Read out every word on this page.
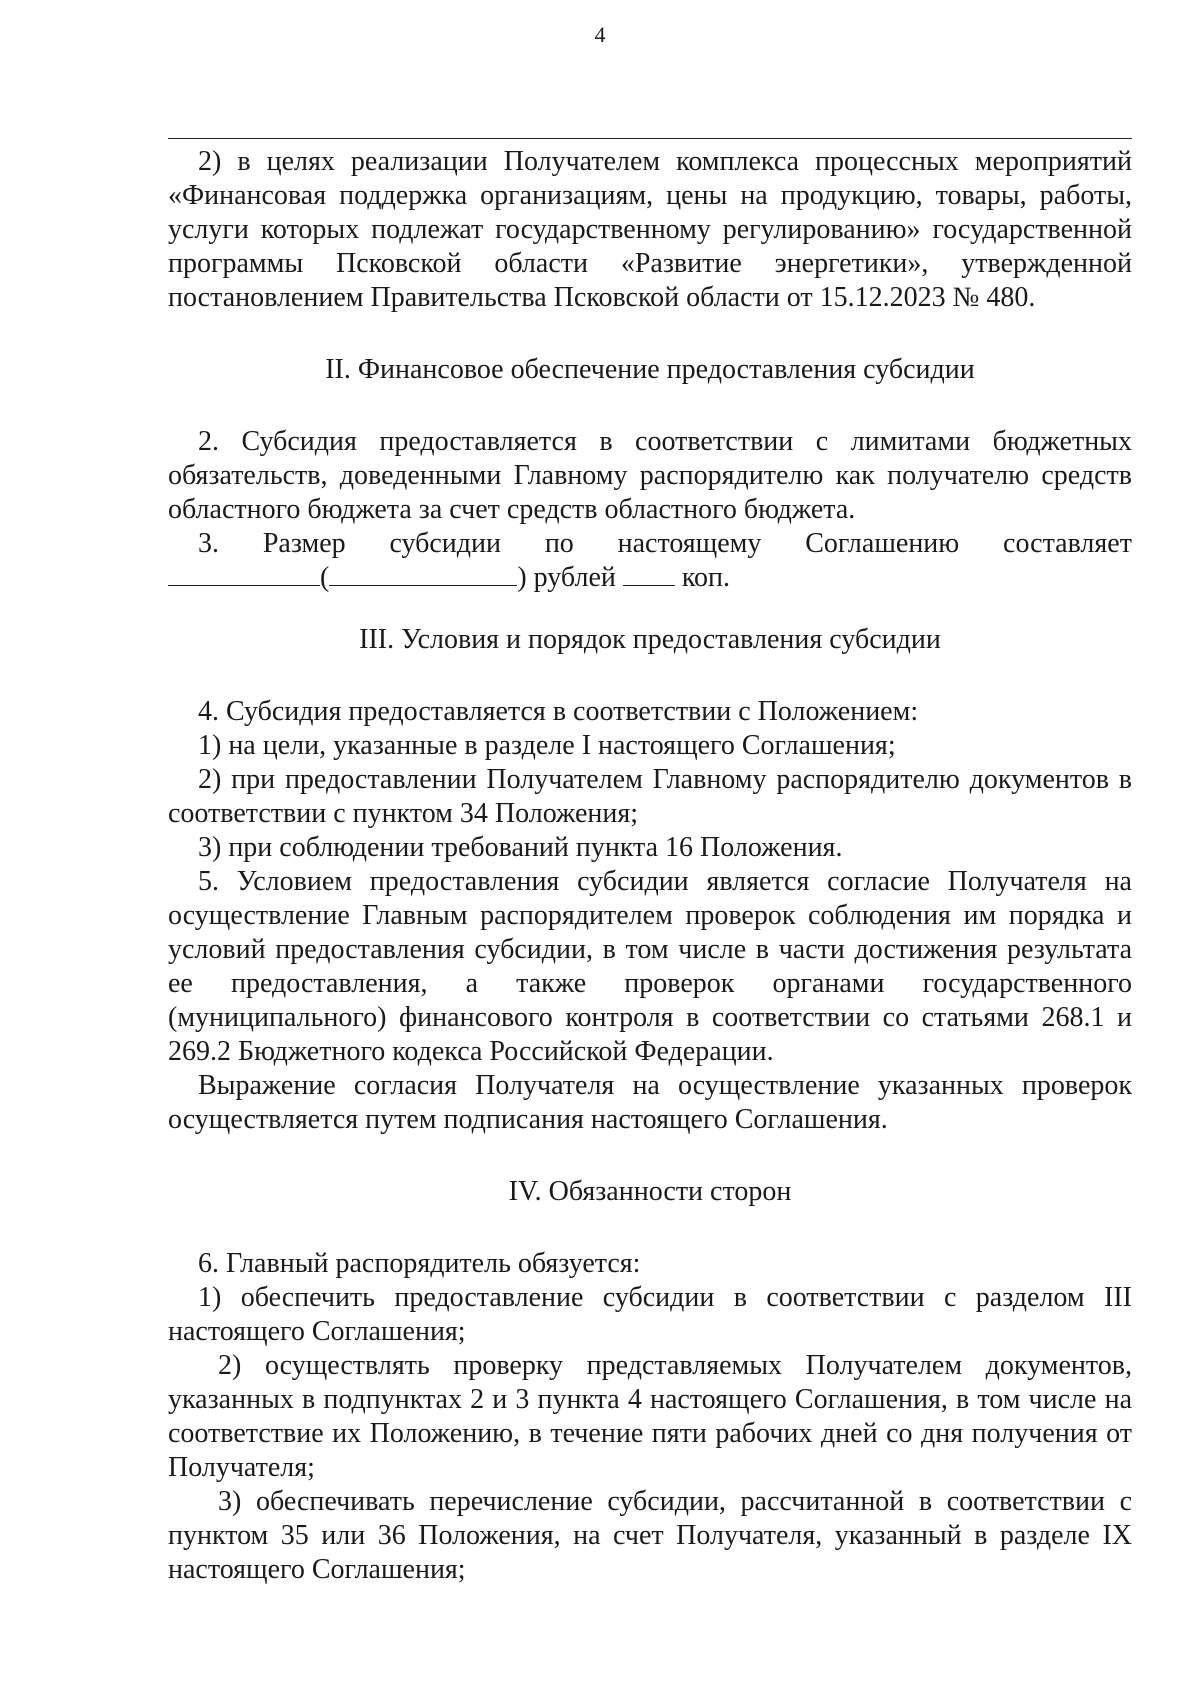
4

2) в целях реализации Получателем комплекса процессных мероприятий «Финансовая поддержка организациям, цены на продукцию, товары, работы, услуги которых подлежат государственному регулированию» государственной программы Псковской области «Развитие энергетики», утвержденной постановлением Правительства Псковской области от 15.12.2023 № 480.

II. Финансовое обеспечение предоставления субсидии

2. Субсидия предоставляется в соответствии с лимитами бюджетных обязательств, доведенными Главному распорядителю как получателю средств областного бюджета за счет средств областного бюджета.

3. Размер субсидии по настоящему Соглашению составляет
(	) рублей коп.

III. Условия и порядок предоставления субсидии

4. Субсидия предоставляется в соответствии с Положением:

1) на цели, указанные в разделе I настоящего Соглашения;

2) при предоставлении Получателем Главному распорядителю документов в соответствии с пунктом 34 Положения;

3) при соблюдении требований пункта 16 Положения.

5. Условием предоставления субсидии является согласие Получателя на осуществление Главным распорядителем проверок соблюдения им порядка и условий предоставления субсидии, в том числе в части достижения результата ее предоставления, а также проверок органами государственного (муниципального) финансового контроля в соответствии со статьями 268.1 и 269.2 Бюджетного кодекса Российской Федерации.

Выражение согласия Получателя на осуществление указанных проверок осуществляется путем подписания настоящего Соглашения.

IV. Обязанности сторон

6. Главный распорядитель обязуется:

1) обеспечить предоставление субсидии в соответствии с разделом III настоящего Соглашения;

2) осуществлять проверку представляемых Получателем документов, указанных в подпунктах 2 и 3 пункта 4 настоящего Соглашения, в том числе на соответствие их Положению, в течение пяти рабочих дней со дня получения от Получателя;

3) обеспечивать перечисление субсидии, рассчитанной в соответствии с пунктом 35 или 36 Положения, на счет Получателя, указанный в разделе IX настоящего Соглашения;
